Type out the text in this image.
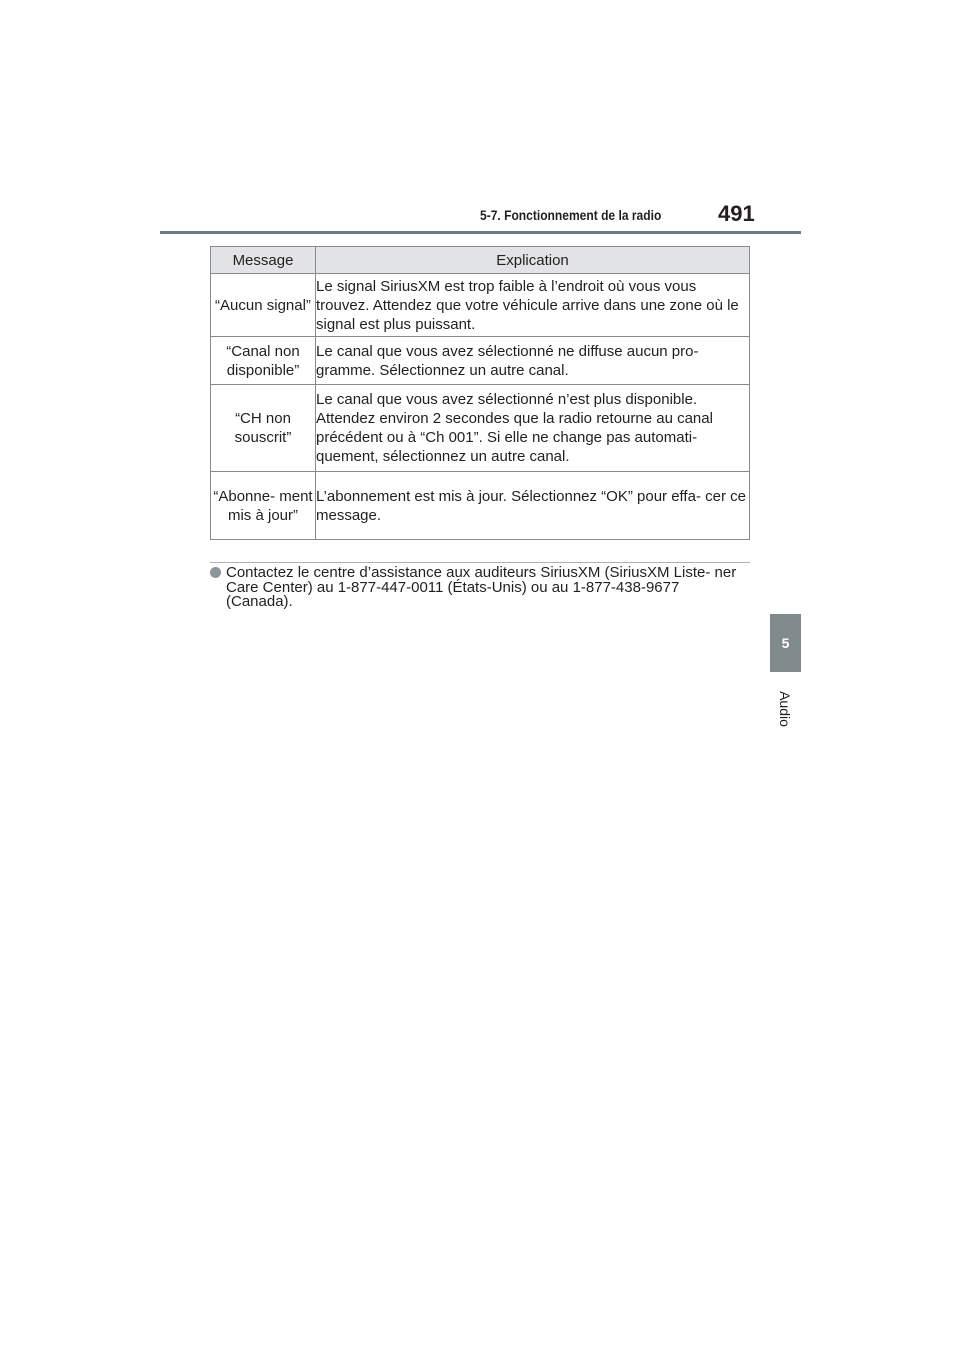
5-7. Fonctionnement de la radio	491
5
Audio
Message	Explication
“Aucun signal”	Le signal SiriusXM est trop faible à l’endroit où vous vous trouvez. Attendez que votre véhicule arrive dans une zone où le signal est plus puissant.
“Canal non disponible”	Le canal que vous avez sélectionné ne diffuse aucun pro- gramme. Sélectionnez un autre canal.
“CH non souscrit”	Le canal que vous avez sélectionné n’est plus disponible. Attendez environ 2 secondes que la radio retourne au canal précédent ou à “Ch 001”. Si elle ne change pas automati- quement, sélectionnez un autre canal.
“Abonne- ment mis à jour”	L’abonnement est mis à jour. Sélectionnez “OK” pour effa- cer ce message.
Contactez le centre d’assistance aux auditeurs SiriusXM (SiriusXM Liste- ner Care Center) au 1-877-447-0011 (États-Unis) ou au 1-877-438-9677 (Canada).
